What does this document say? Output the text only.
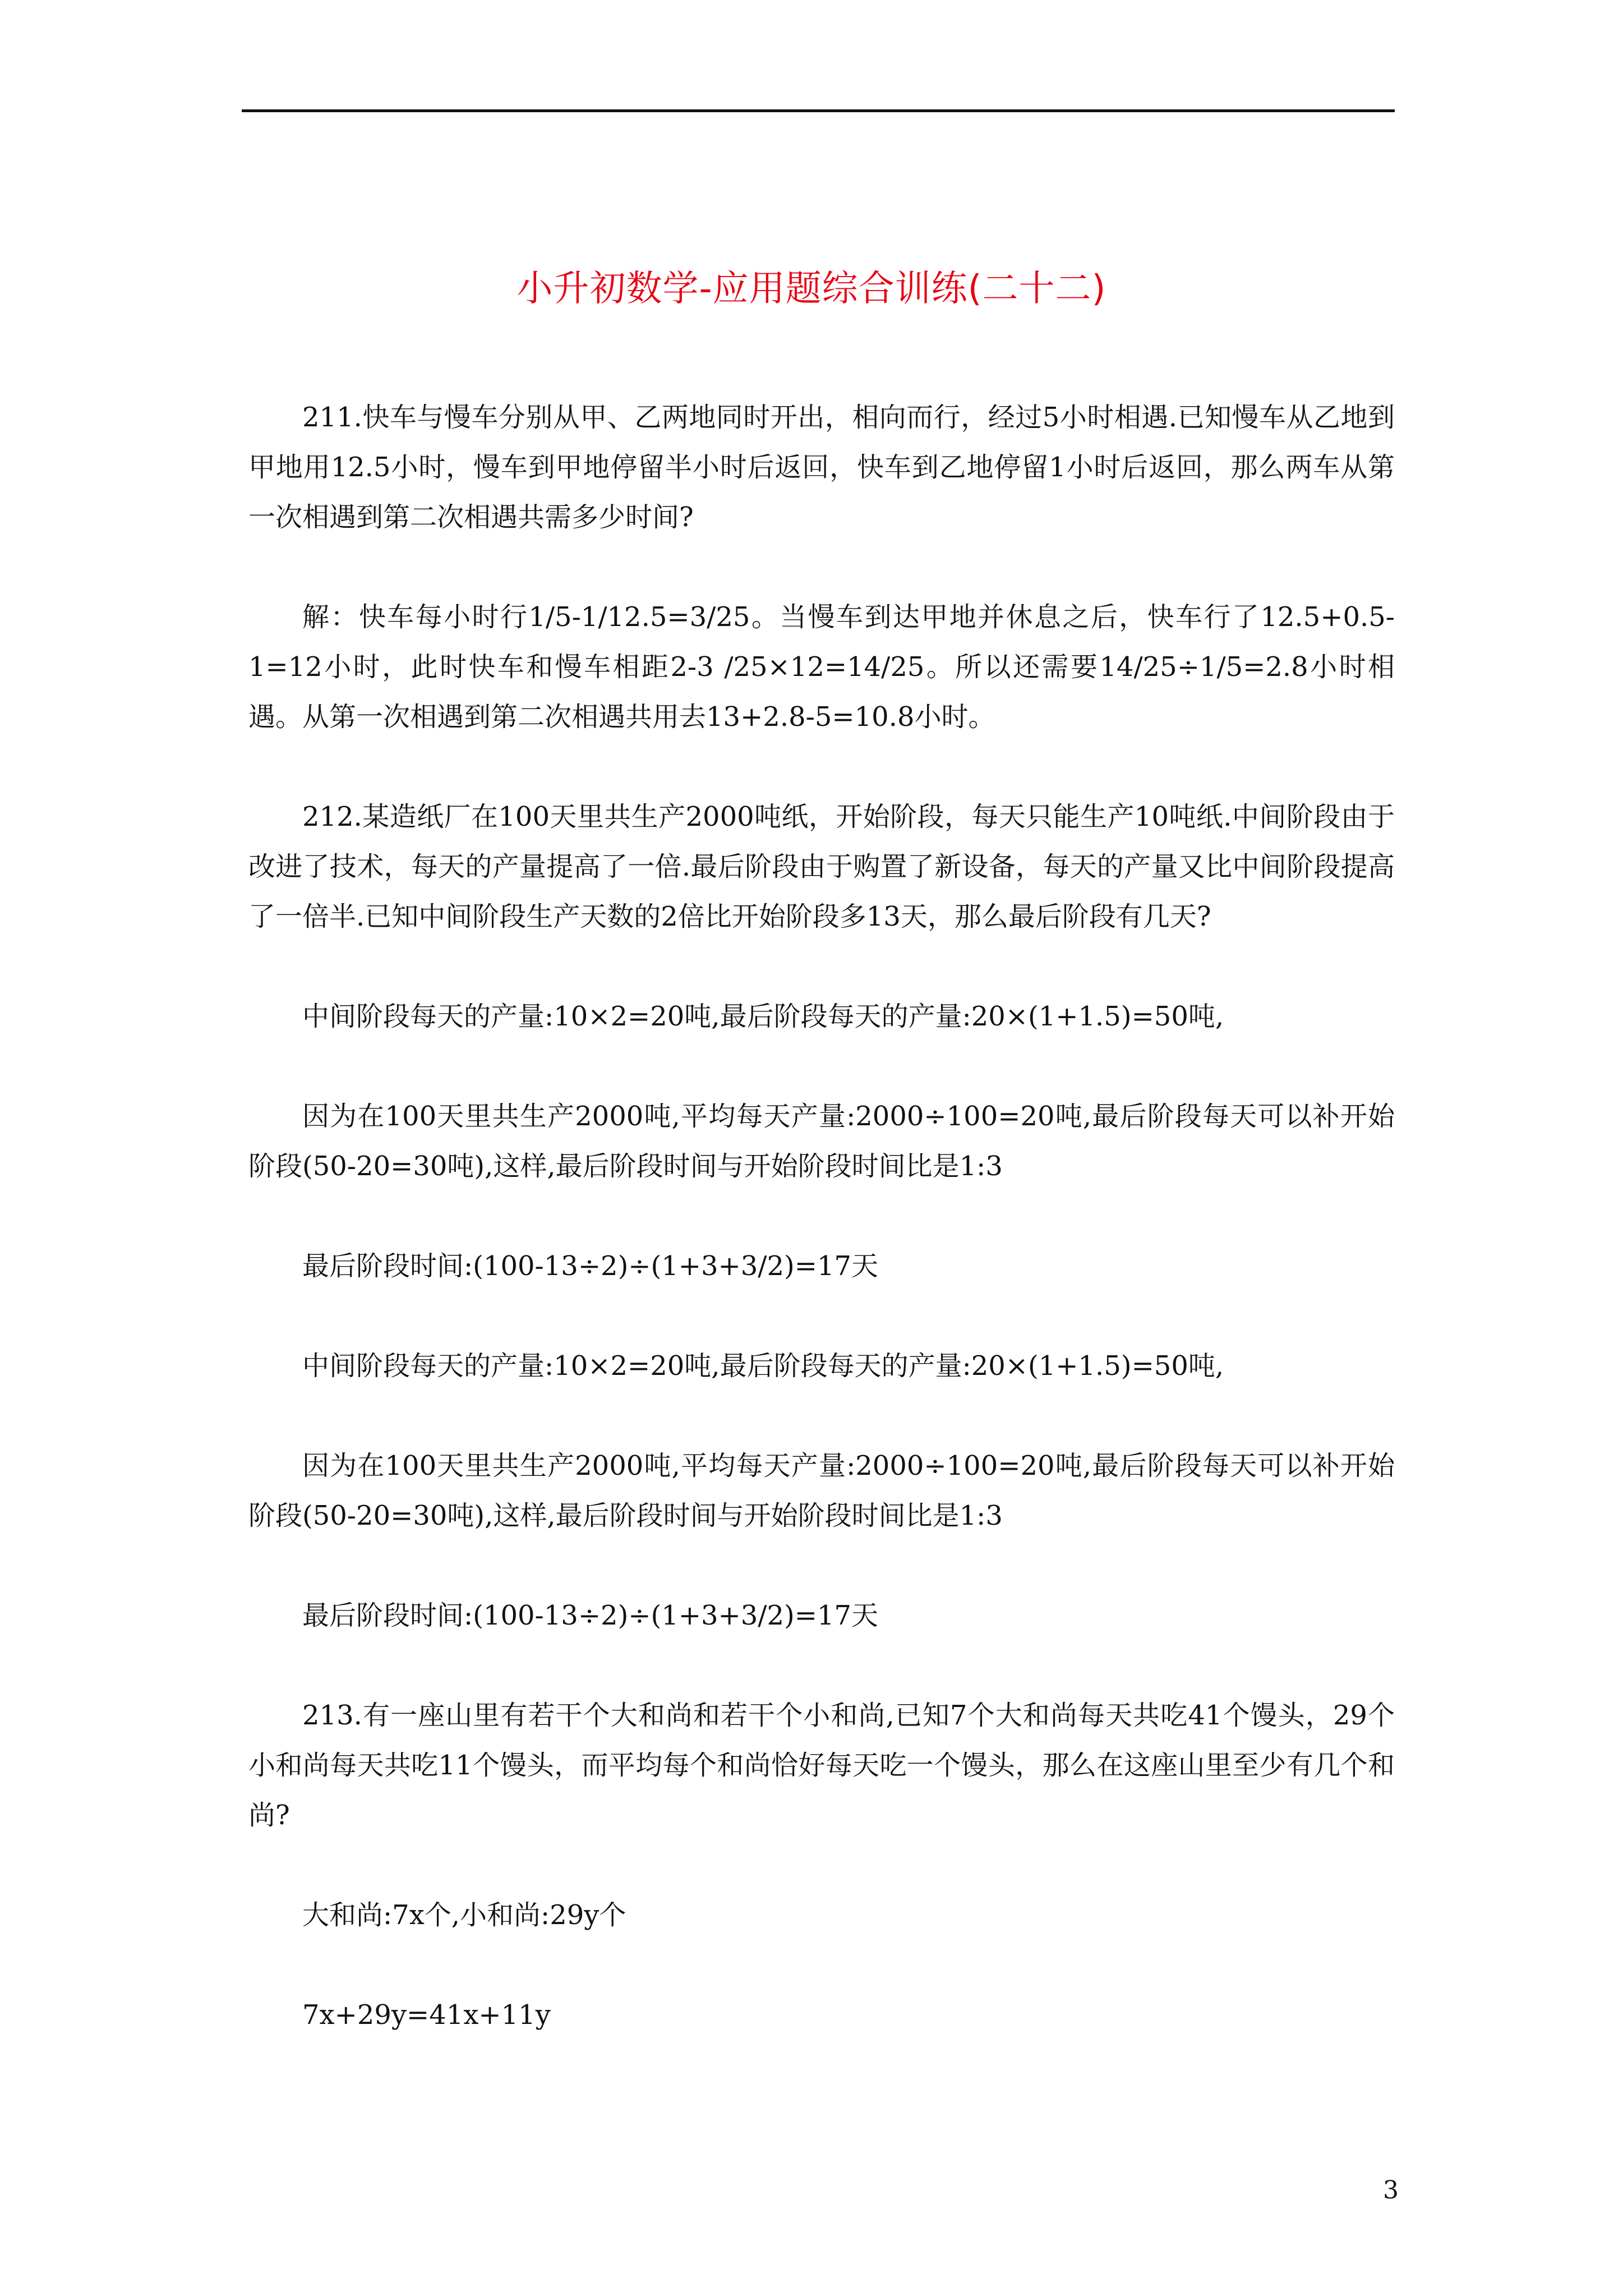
小升初数学-应用题综合训练(二十二)

211.快车与慢车分别从甲、乙两地同时开出，相向而行，经过5小时相遇.已知慢车从乙地到甲地用12.5小时，慢车到甲地停留半小时后返回，快车到乙地停留1小时后返回，那么两车从第一次相遇到第二次相遇共需多少时间?

解：快车每小时行1/5-1/12.5=3/25。当慢车到达甲地并休息之后，快车行了12.5+0.5-1=12小时，此时快车和慢车相距2-3 /25×12=14/25。所以还需要14/25÷1/5=2.8小时相遇。从第一次相遇到第二次相遇共用去13+2.8-5=10.8小时。

212.某造纸厂在100天里共生产2000吨纸，开始阶段，每天只能生产10吨纸.中间阶段由于改进了技术，每天的产量提高了一倍.最后阶段由于购置了新设备，每天的产量又比中间阶段提高了一倍半.已知中间阶段生产天数的2倍比开始阶段多13天，那么最后阶段有几天?

中间阶段每天的产量:10×2=20吨,最后阶段每天的产量:20×(1+1.5)=50吨,

因为在100天里共生产2000吨,平均每天产量:2000÷100=20吨,最后阶段每天可以补开始阶段(50-20=30吨),这样,最后阶段时间与开始阶段时间比是1:3

最后阶段时间:(100-13÷2)÷(1+3+3/2)=17天

中间阶段每天的产量:10×2=20吨,最后阶段每天的产量:20×(1+1.5)=50吨,

因为在100天里共生产2000吨,平均每天产量:2000÷100=20吨,最后阶段每天可以补开始阶段(50-20=30吨),这样,最后阶段时间与开始阶段时间比是1:3

最后阶段时间:(100-13÷2)÷(1+3+3/2)=17天

213.有一座山里有若干个大和尚和若干个小和尚,已知7个大和尚每天共吃41个馒头，29个小和尚每天共吃11个馒头，而平均每个和尚恰好每天吃一个馒头，那么在这座山里至少有几个和尚?

大和尚:7x个,小和尚:29y个

7x+29y=41x+11y

3
